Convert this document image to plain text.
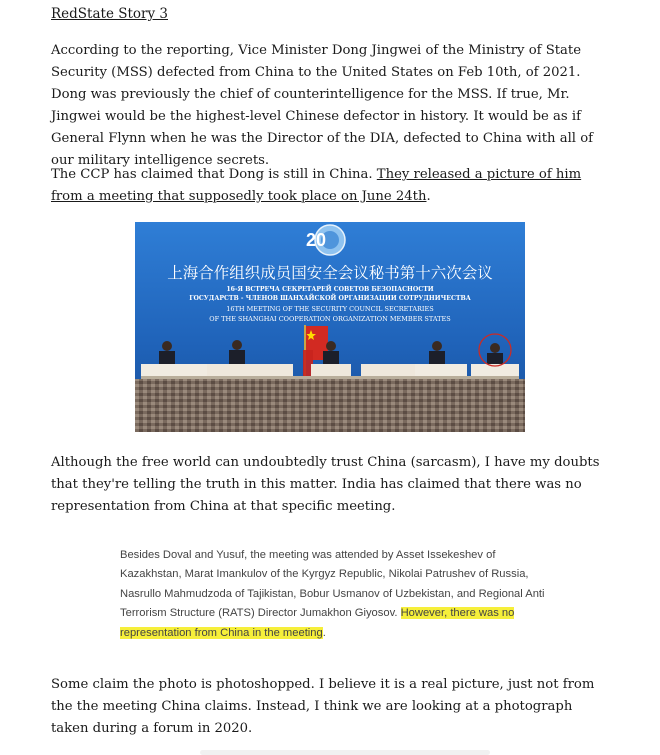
RedState Story 3

According to the reporting, Vice Minister Dong Jingwei of the Ministry of State Security (MSS) defected from China to the United States on Feb 10th, of 2021. Dong was previously the chief of counterintelligence for the MSS. If true, Mr. Jingwei would be the highest-level Chinese defector in history. It would be as if General Flynn when he was the Director of the DIA, defected to China with all of our military intelligence secrets.

The CCP has claimed that Dong is still in China. They released a picture of him from a meeting that supposedly took place on June 24th.

20
上海合作组织成员国安全会议秘书第十六次会议
16-Я ВСТРЕЧА СЕКРЕТАРЕЙ СОВЕТОВ БЕЗОПАСНОСТИ
ГОСУДАРСТВ - ЧЛЕНОВ ШАНХАЙСКОЙ ОРГАНИЗАЦИИ СОТРУДНИЧЕСТВА
16TH MEETING OF THE SECURITY COUNCIL SECRETARIES
OF THE SHANGHAI COOPERATION ORGANIZATION MEMBER STATES

Although the free world can undoubtedly trust China (sarcasm), I have my doubts that they're telling the truth in this matter. India has claimed that there was no representation from China at that specific meeting.

Besides Doval and Yusuf, the meeting was attended by Asset Issekeshev of Kazakhstan, Marat Imankulov of the Kyrgyz Republic, Nikolai Patrushev of Russia, Nasrullo Mahmudzoda of Tajikistan, Bobur Usmanov of Uzbekistan, and Regional Anti Terrorism Structure (RATS) Director Jumakhon Giyosov. However, there was no representation from China in the meeting.

Some claim the photo is photoshopped. I believe it is a real picture, just not from the the meeting China claims. Instead, I think we are looking at a photograph taken during a forum in 2020.
